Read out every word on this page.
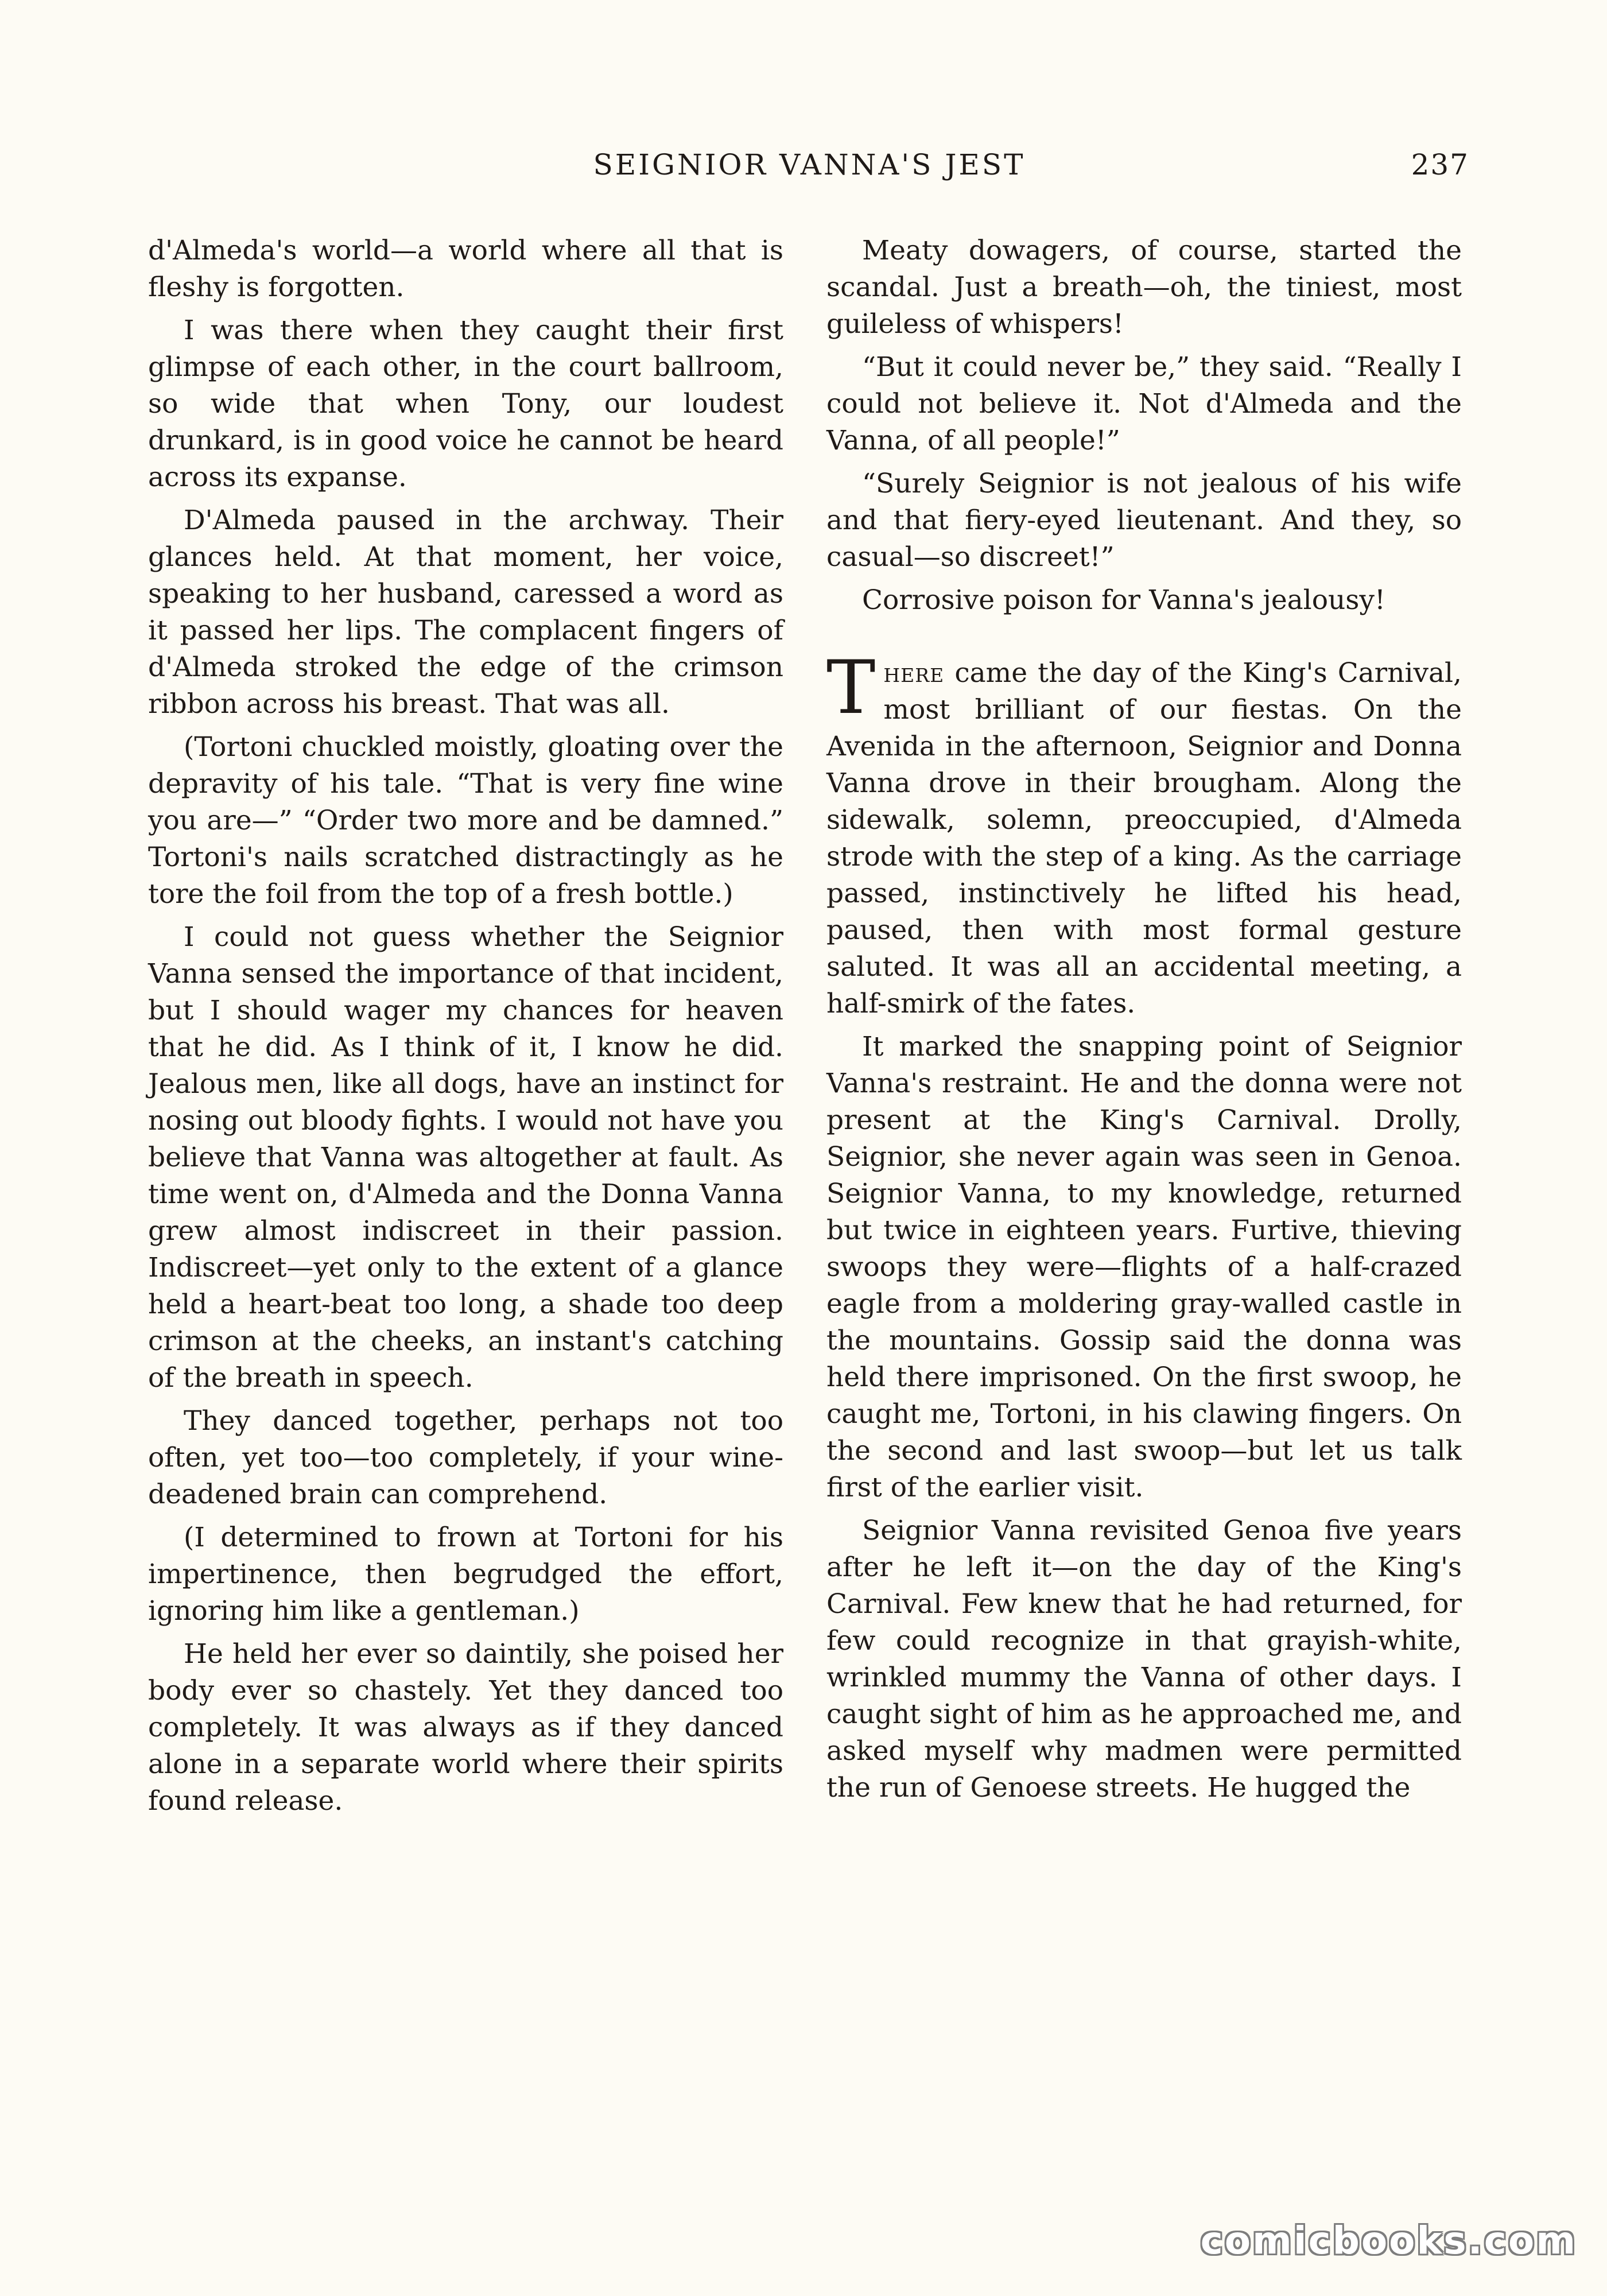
SEIGNIOR VANNA'S JEST	237

d'Almeda's world—a world where all that is fleshy is forgotten.

I was there when they caught their first glimpse of each other, in the court ballroom, so wide that when Tony, our loudest drunkard, is in good voice he cannot be heard across its expanse.

D'Almeda paused in the archway. Their glances held. At that moment, her voice, speaking to her husband, caressed a word as it passed her lips. The complacent fingers of d'Almeda stroked the edge of the crimson ribbon across his breast. That was all.

(Tortoni chuckled moistly, gloating over the depravity of his tale. “That is very fine wine you are—” “Order two more and be damned.” Tortoni's nails scratched distractingly as he tore the foil from the top of a fresh bottle.)

I could not guess whether the Seignior Vanna sensed the importance of that incident, but I should wager my chances for heaven that he did. As I think of it, I know he did. Jealous men, like all dogs, have an instinct for nosing out bloody fights. I would not have you believe that Vanna was altogether at fault. As time went on, d'Almeda and the Donna Vanna grew almost indiscreet in their passion. Indiscreet—yet only to the extent of a glance held a heart-beat too long, a shade too deep crimson at the cheeks, an instant's catching of the breath in speech.

They danced together, perhaps not too often, yet too—too completely, if your wine-deadened brain can comprehend.

(I determined to frown at Tortoni for his impertinence, then begrudged the effort, ignoring him like a gentleman.)

He held her ever so daintily, she poised her body ever so chastely. Yet they danced too completely. It was always as if they danced alone in a separate world where their spirits found release.

Meaty dowagers, of course, started the scandal. Just a breath—oh, the tiniest, most guileless of whispers!

“But it could never be,” they said. “Really I could not believe it. Not d'Almeda and the Vanna, of all people!”

“Surely Seignior is not jealous of his wife and that fiery-eyed lieutenant. And they, so casual—so discreet!”

Corrosive poison for Vanna's jealousy!

There came the day of the King's Carnival, most brilliant of our fiestas. On the Avenida in the afternoon, Seignior and Donna Vanna drove in their brougham. Along the sidewalk, solemn, preoccupied, d'Almeda strode with the step of a king. As the carriage passed, instinctively he lifted his head, paused, then with most formal gesture saluted. It was all an accidental meeting, a half-smirk of the fates.

It marked the snapping point of Seignior Vanna's restraint. He and the donna were not present at the King's Carnival. Drolly, Seignior, she never again was seen in Genoa. Seignior Vanna, to my knowledge, returned but twice in eighteen years. Furtive, thieving swoops they were—flights of a half-crazed eagle from a moldering gray-walled castle in the mountains. Gossip said the donna was held there imprisoned. On the first swoop, he caught me, Tortoni, in his clawing fingers. On the second and last swoop—but let us talk first of the earlier visit.

Seignior Vanna revisited Genoa five years after he left it—on the day of the King's Carnival. Few knew that he had returned, for few could recognize in that grayish-white, wrinkled mummy the Vanna of other days. I caught sight of him as he approached me, and asked myself why madmen were permitted the run of Genoese streets. He hugged the

comicbooks.com
